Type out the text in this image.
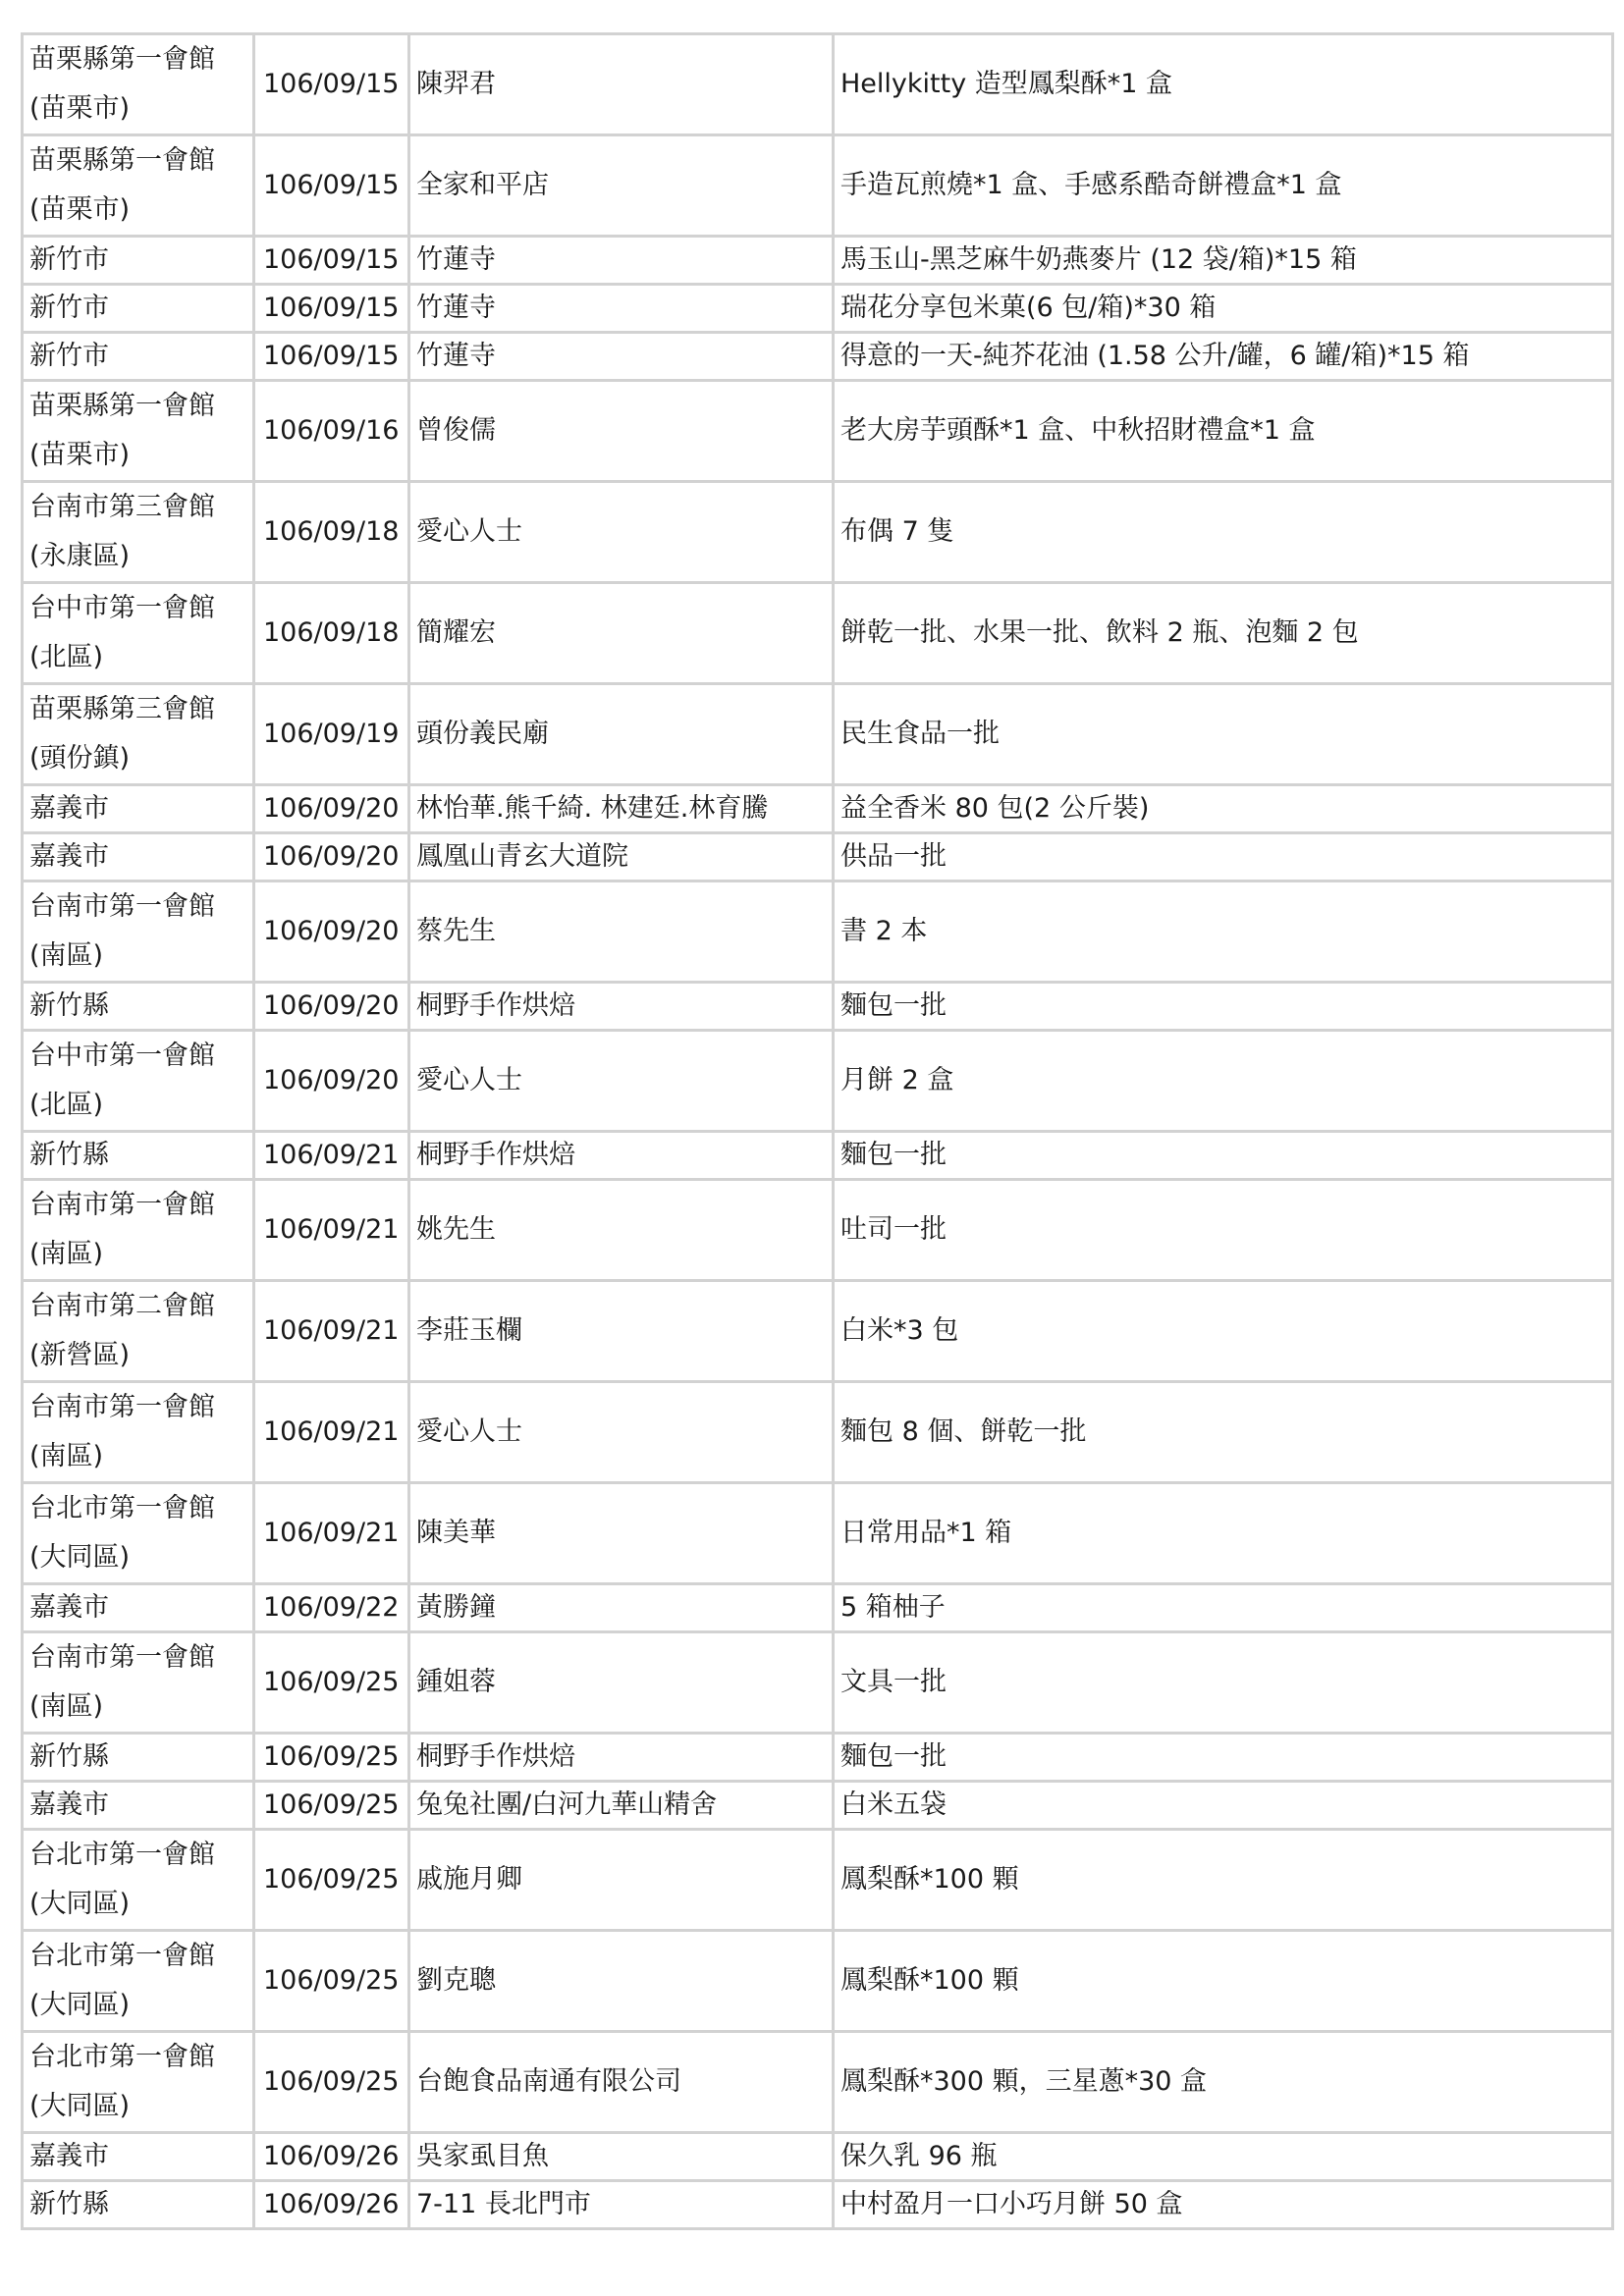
苗栗縣第一會館
(苗栗市)	106/09/15	陳羿君	Hellykitty 造型鳳梨酥*1 盒

苗栗縣第一會館
(苗栗市)	106/09/15	全家和平店	手造瓦煎燒*1 盒、手感系酷奇餅禮盒*1 盒

新竹市	106/09/15	竹蓮寺	馬玉山-黑芝麻牛奶燕麥片 (12 袋/箱)*15 箱

新竹市	106/09/15	竹蓮寺	瑞花分享包米菓(6 包/箱)*30 箱

新竹市	106/09/15	竹蓮寺	得意的一天-純芥花油 (1.58 公升/罐，6 罐/箱)*15 箱

苗栗縣第一會館
(苗栗市)	106/09/16	曾俊儒	老大房芋頭酥*1 盒、中秋招財禮盒*1 盒

台南市第三會館
(永康區)	106/09/18	愛心人士	布偶 7 隻

台中市第一會館
(北區)	106/09/18	簡耀宏	餅乾一批、水果一批、飲料 2 瓶、泡麵 2 包

苗栗縣第三會館
(頭份鎮)	106/09/19	頭份義民廟	民生食品一批

嘉義市	106/09/20	林怡華.熊千綺. 林建廷.林育騰	益全香米 80 包(2 公斤裝)

嘉義市	106/09/20	鳳凰山青玄大道院	供品一批

台南市第一會館
(南區)	106/09/20	蔡先生	書 2 本

新竹縣	106/09/20	桐野手作烘焙	麵包一批

台中市第一會館
(北區)	106/09/20	愛心人士	月餅 2 盒

新竹縣	106/09/21	桐野手作烘焙	麵包一批

台南市第一會館
(南區)	106/09/21	姚先生	吐司一批

台南市第二會館
(新營區)	106/09/21	李莊玉欄	白米*3 包

台南市第一會館
(南區)	106/09/21	愛心人士	麵包 8 個、餅乾一批

台北市第一會館
(大同區)	106/09/21	陳美華	日常用品*1 箱

嘉義市	106/09/22	黃勝鐘	5 箱柚子

台南市第一會館
(南區)	106/09/25	鍾姐蓉	文具一批

新竹縣	106/09/25	桐野手作烘焙	麵包一批

嘉義市	106/09/25	兔兔社團/白河九華山精舍	白米五袋

台北市第一會館
(大同區)	106/09/25	戚施月卿	鳳梨酥*100 顆

台北市第一會館
(大同區)	106/09/25	劉克聰	鳳梨酥*100 顆

台北市第一會館
(大同區)	106/09/25	台飽食品南通有限公司	鳳梨酥*300 顆，三星蔥*30 盒

嘉義市	106/09/26	吳家虱目魚	保久乳 96 瓶

新竹縣	106/09/26	7-11 長北門市	中村盈月一口小巧月餅 50 盒
